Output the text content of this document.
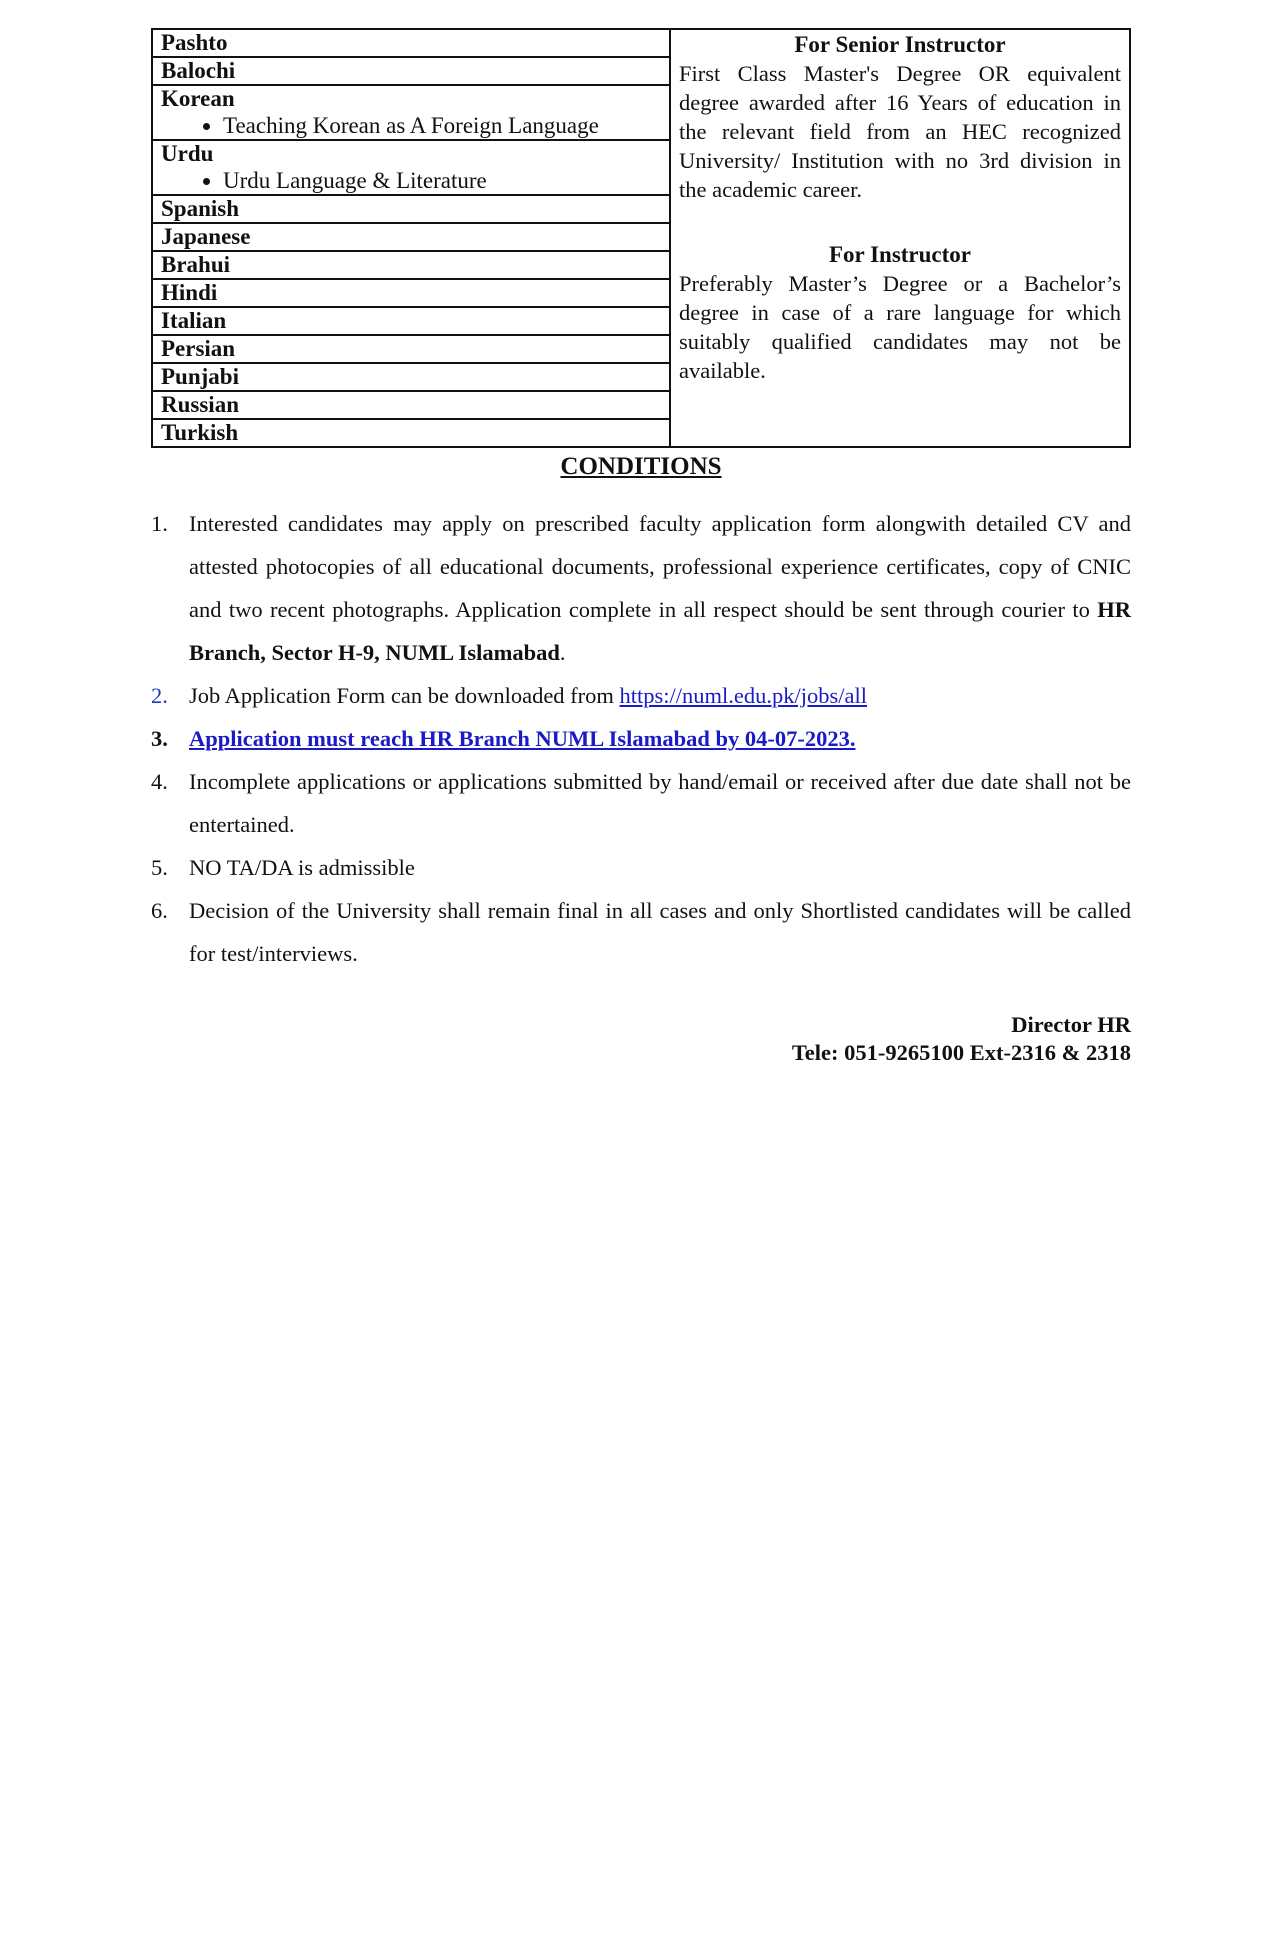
Pashto	For Senior Instructor

First Class Master's Degree OR equivalent degree awarded after 16 Years of education in the relevant field from an HEC recognized University/ Institution with no 3rd division in the academic career.

For Instructor

Preferably Master’s Degree or a Bachelor’s degree in case of a rare language for which suitably qualified candidates may not be available.

Balochi

Korean
• Teaching Korean as A Foreign Language

Urdu
• Urdu Language & Literature

Spanish
Japanese
Brahui
Hindi
Italian
Persian
Punjabi
Russian
Turkish
CONDITIONS
1. Interested candidates may apply on prescribed faculty application form alongwith detailed CV and attested photocopies of all educational documents, professional experience certificates, copy of CNIC and two recent photographs. Application complete in all respect should be sent through courier to HR Branch, Sector H-9, NUML Islamabad.
2. Job Application Form can be downloaded from https://numl.edu.pk/jobs/all
3. Application must reach HR Branch NUML Islamabad by 04-07-2023.
4. Incomplete applications or applications submitted by hand/email or received after due date shall not be entertained.
5. NO TA/DA is admissible
6. Decision of the University shall remain final in all cases and only Shortlisted candidates will be called for test/interviews.
Director HR
Tele: 051-9265100 Ext-2316 & 2318
